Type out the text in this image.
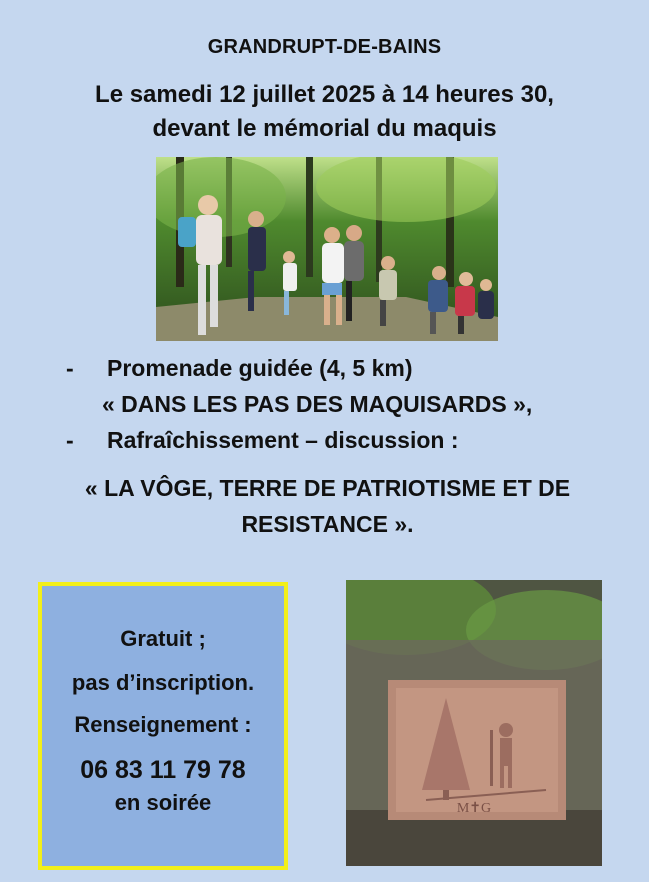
GRANDRUPT-DE-BAINS
Le samedi 12 juillet 2025 à 14 heures 30,
devant le mémorial du maquis
- Promenade guidée (4, 5 km)
« DANS LES PAS DES MAQUISARDS »,
- Rafraîchissement – discussion :
« LA VÔGE, TERRE DE PATRIOTISME ET DE
RESISTANCE ».
Gratuit ;
pas d’inscription.
Renseignement :
06 83 11 79 78
en soirée	M✝G
